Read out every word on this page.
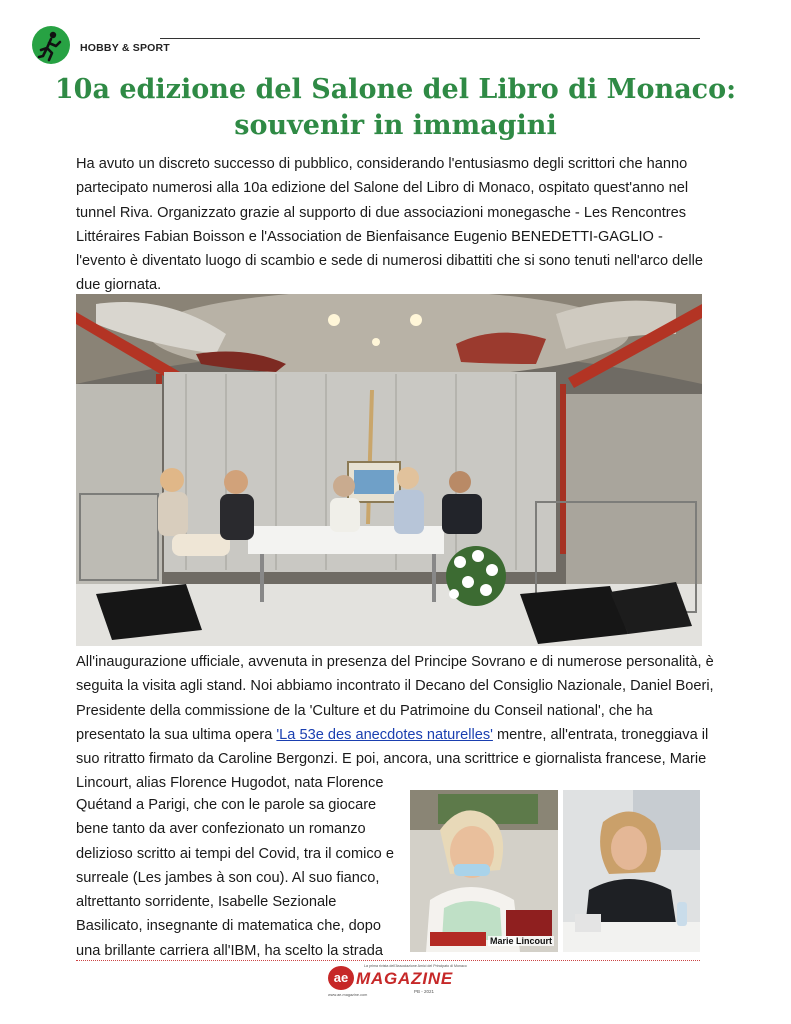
HOBBY & SPORT
10a edizione del Salone del Libro di Monaco:
souvenir in immagini

Ha avuto un discreto successo di pubblico, considerando l'entusiasmo degli scrittori che hanno partecipato numerosi alla 10a edizione del Salone del Libro di Monaco, ospitato quest'anno nel tunnel Riva. Organizzato grazie al supporto di due associazioni monegasche - Les Rencontres Littéraires Fabian Boisson e l'Association de Bienfaisance Eugenio BENEDETTI-GAGLIO - l'evento è diventato luogo di scambio e sede di numerosi dibattiti che si sono tenuti nell'arco delle due giornata.

All'inaugurazione ufficiale, avvenuta in presenza del Principe Sovrano e di numerose personalità, è seguita la visita agli stand. Noi abbiamo incontrato il Decano del Consiglio Nazionale, Daniel Boeri, Presidente della commissione de la 'Culture et du Patrimoine du Conseil national', che ha presentato la sua ultima opera 'La 53e des anecdotes naturelles' mentre, all'entrata, troneggiava il suo ritratto firmato da Caroline Bergonzi. E poi, ancora, una scrittrice e giornalista francese, Marie Lincourt, alias Florence Hugodot, nata Florence

Quétand a Parigi, che con le parole sa giocare bene tanto da aver confezionato un romanzo delizioso scritto ai tempi del Covid, tra il comico e surreale (Les jambes à son cou). Al suo fianco, altrettanto sorridente, Isabelle Sezionale Basilicato, insegnante di matematica che, dopo una brillante carriera all'IBM, ha scelto la strada

Marie Lincourt
ae
La prima rivista dell'Associazione Amici del Principato di Monaco
MAGAZINE
PB - 2021
www.ae-magazine.com
